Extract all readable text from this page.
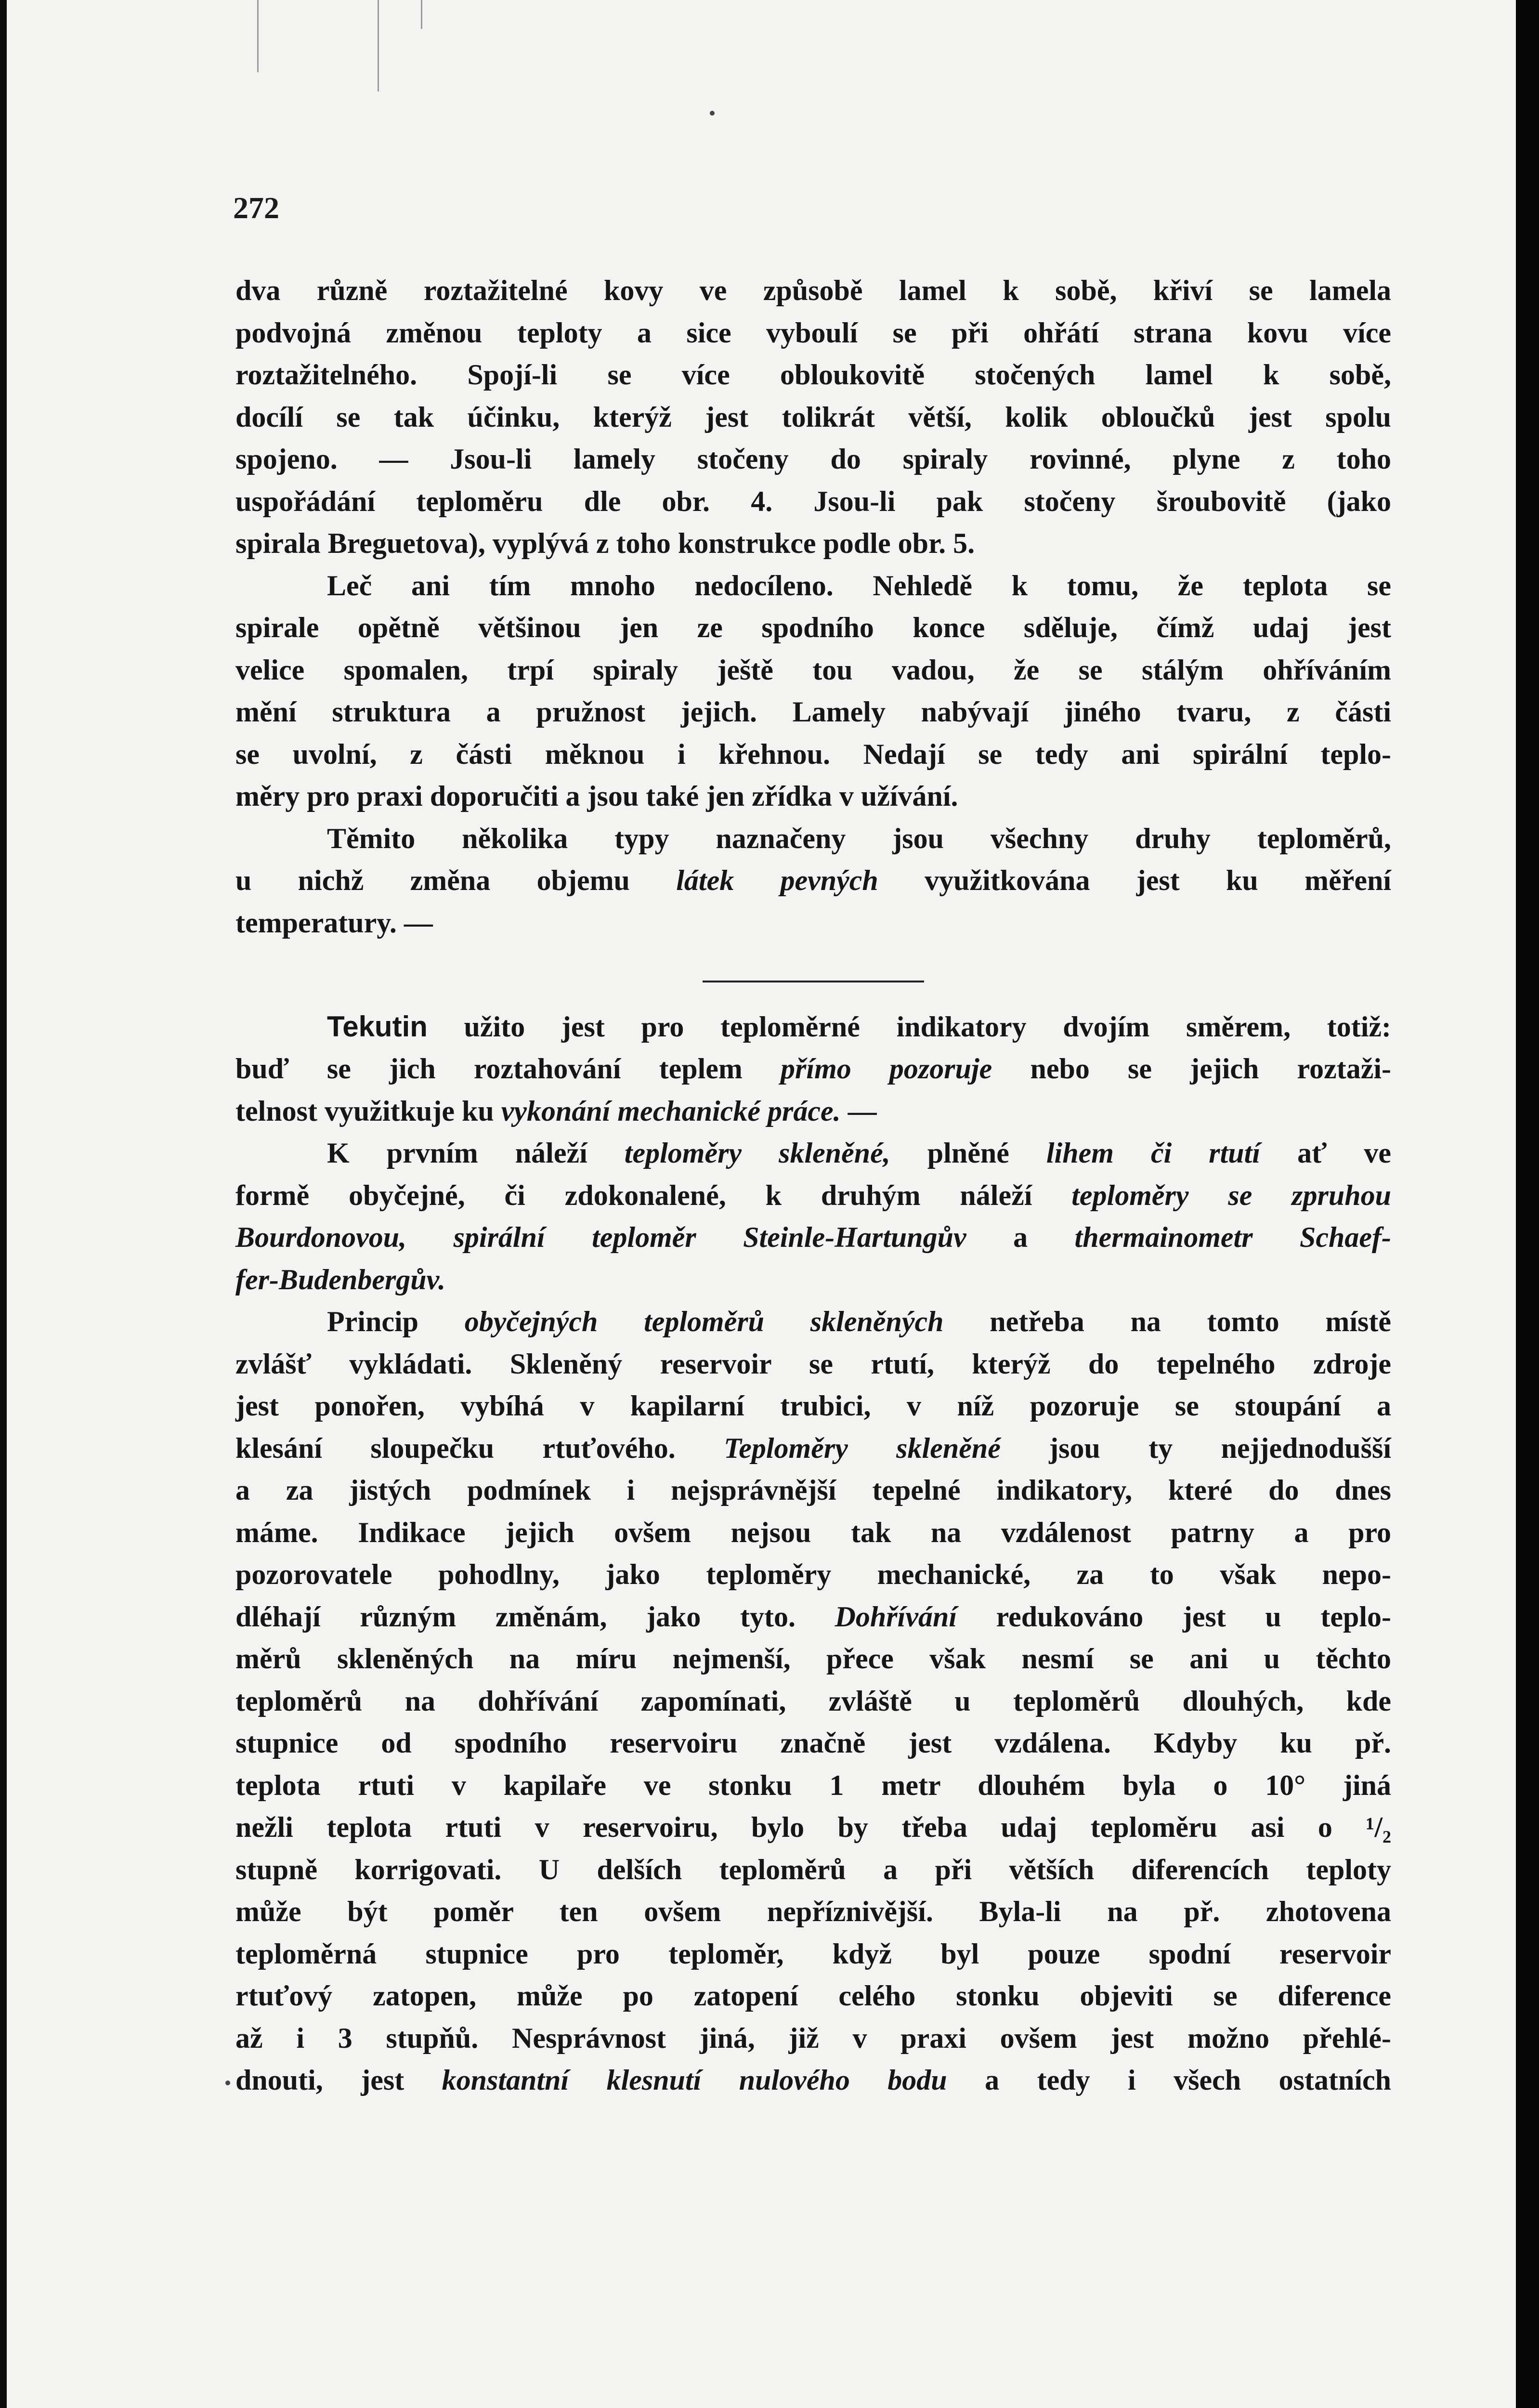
272
dva různě roztažitelné kovy ve způsobě lamel k sobě, křiví se lamela
podvojná změnou teploty a sice vyboulí se při ohřátí strana kovu více
roztažitelného. Spojí-li se více obloukovitě stočených lamel k sobě,
docílí se tak účinku, kterýž jest tolikrát větší, kolik obloučků jest spolu
spojeno. — Jsou-li lamely stočeny do spiraly rovinné, plyne z toho
uspořádání teploměru dle obr. 4. Jsou-li pak stočeny šroubovitě (jako
spirala Breguetova), vyplývá z toho konstrukce podle obr. 5.
Leč ani tím mnoho nedocíleno. Nehledě k tomu, že teplota se
spirale opětně většinou jen ze spodního konce sděluje, čímž udaj jest
velice spomalen, trpí spiraly ještě tou vadou, že se stálým ohříváním
mění struktura a pružnost jejich. Lamely nabývají jiného tvaru, z části
se uvolní, z části měknou i křehnou. Nedají se tedy ani spirální teplo-
měry pro praxi doporučiti a jsou také jen zřídka v užívání.
Těmito několika typy naznačeny jsou všechny druhy teploměrů,
u nichž změna objemu látek pevných využitkována jest ku měření
temperatury. —
Tekutin užito jest pro teploměrné indikatory dvojím směrem, totiž:
buď se jich roztahování teplem přímo pozoruje nebo se jejich roztaži-
telnost využitkuje ku vykonání mechanické práce. —
K prvním náleží teploměry skleněné, plněné lihem či rtutí ať ve
formě obyčejné, či zdokonalené, k druhým náleží teploměry se zpruhou
Bourdonovou, spirální teploměr Steinle-Hartungův a thermainometr Schaef-
fer-Budenbergův.
Princip obyčejných teploměrů skleněných netřeba na tomto místě
zvlášť vykládati. Skleněný reservoir se rtutí, kterýž do tepelného zdroje
jest ponořen, vybíhá v kapilarní trubici, v níž pozoruje se stoupání a
klesání sloupečku rtuťového. Teploměry skleněné jsou ty nejjednodušší
a za jistých podmínek i nejsprávnější tepelné indikatory, které do dnes
máme. Indikace jejich ovšem nejsou tak na vzdálenost patrny a pro
pozorovatele pohodlny, jako teploměry mechanické, za to však nepo-
dléhají různým změnám, jako tyto. Dohřívání redukováno jest u teplo-
měrů skleněných na míru nejmenší, přece však nesmí se ani u těchto
teploměrů na dohřívání zapomínati, zvláště u teploměrů dlouhých, kde
stupnice od spodního reservoiru značně jest vzdálena. Kdyby ku př.
teplota rtuti v kapilaře ve stonku 1 metr dlouhém byla o 10° jiná
nežli teplota rtuti v reservoiru, bylo by třeba udaj teploměru asi o ¹/₂
stupně korrigovati. U delších teploměrů a při větších diferencích teploty
může být poměr ten ovšem nepříznivější. Byla-li na př. zhotovena
teploměrná stupnice pro teploměr, když byl pouze spodní reservoir
rtuťový zatopen, může po zatopení celého stonku objeviti se diference
až i 3 stupňů. Nesprávnost jiná, již v praxi ovšem jest možno přehlé-
dnouti, jest konstantní klesnutí nulového bodu a tedy i všech ostatních
